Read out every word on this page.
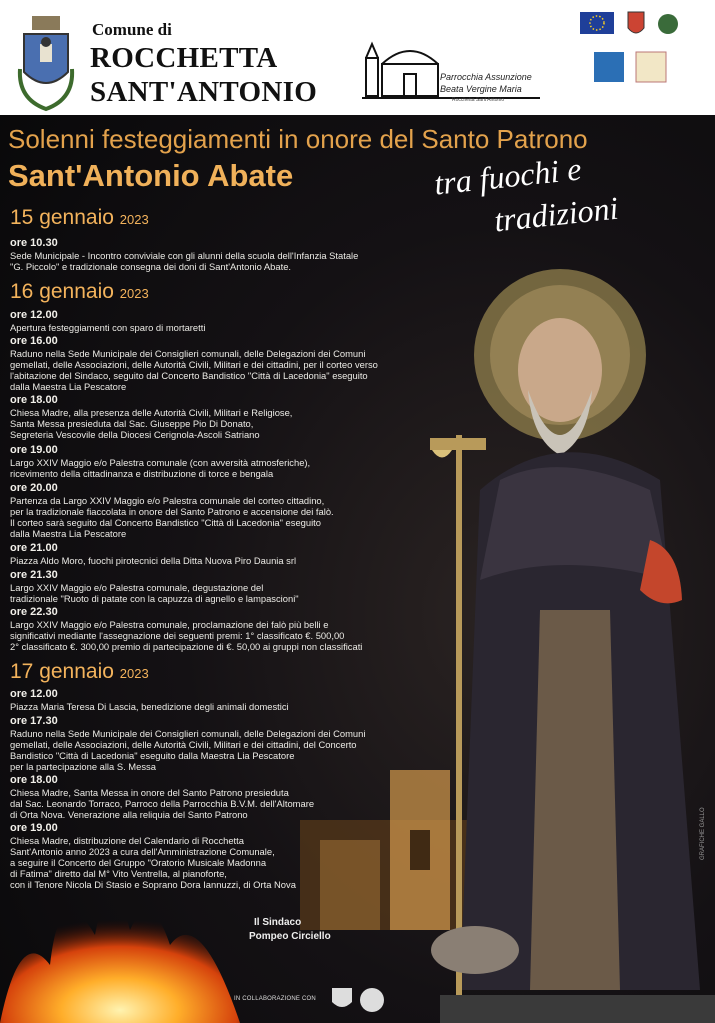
Comune di
ROCCHETTA
SANT'ANTONIO	Parrocchia Assunzione
Beata Vergine Maria
Rocchetta Sant'Antonio
Solenni festeggiamenti in onore del Santo Patrono
Sant'Antonio Abate	tra fuochi e
tradizioni
15 gennaio 2023
ore 10.30
Sede Municipale - Incontro conviviale con gli alunni della scuola dell'Infanzia Statale
"G. Piccolo" e tradizionale consegna dei doni di Sant'Antonio Abate.
16 gennaio 2023
ore 12.00
Apertura festeggiamenti con sparo di mortaretti
ore 16.00
Raduno nella Sede Municipale dei Consiglieri comunali, delle Delegazioni dei Comuni
gemellati, delle Associazioni, delle Autorità Civili, Militari e dei cittadini, per il corteo verso
l'abitazione del Sindaco, seguito dal Concerto Bandistico "Città di Lacedonia" eseguito
dalla Maestra Lia Pescatore
ore 18.00
Chiesa Madre, alla presenza delle Autorità Civili, Militari e Religiose,
Santa Messa presieduta dal Sac. Giuseppe Pio Di Donato,
Segreteria Vescovile della Diocesi Cerignola-Ascoli Satriano
ore 19.00
Largo XXIV Maggio e/o Palestra comunale (con avversità atmosferiche),
ricevimento della cittadinanza e distribuzione di torce e bengala
ore 20.00
Partenza da Largo XXIV Maggio e/o Palestra comunale del corteo cittadino,
per la tradizionale fiaccolata in onore del Santo Patrono e accensione dei falò.
Il corteo sarà seguito dal Concerto Bandistico "Città di Lacedonia" eseguito
dalla Maestra Lia Pescatore
ore 21.00
Piazza Aldo Moro, fuochi pirotecnici della Ditta Nuova Piro Daunia srl
ore 21.30
Largo XXIV Maggio e/o Palestra comunale, degustazione del
tradizionale "Ruoto di patate con la capuzza di agnello e lampascioni"
ore 22.30
Largo XXIV Maggio e/o Palestra comunale, proclamazione dei falò più belli e
significativi mediante l'assegnazione dei seguenti premi: 1° classificato €. 500,00
2° classificato €. 300,00 premio di partecipazione di €. 50,00 ai gruppi non classificati
17 gennaio 2023
ore 12.00
Piazza Maria Teresa Di Lascia, benedizione degli animali domestici
ore 17.30
Raduno nella Sede Municipale dei Consiglieri comunali, delle Delegazioni dei Comuni
gemellati, delle Associazioni, delle Autorità Civili, Militari e dei cittadini, del Concerto
Bandistico "Città di Lacedonia" eseguito dalla Maestra Lia Pescatore
per la partecipazione alla S. Messa
ore 18.00
Chiesa Madre, Santa Messa in onore del Santo Patrono presieduta
dal Sac. Leonardo Torraco, Parroco della Parrocchia B.V.M. dell'Altomare
di Orta Nova. Venerazione alla reliquia del Santo Patrono
ore 19.00
Chiesa Madre, distribuzione del Calendario di Rocchetta
Sant'Antonio anno 2023 a cura dell'Amministrazione Comunale,
a seguire il Concerto del Gruppo "Oratorio Musicale Madonna
di Fatima" diretto dal M° Vito Ventrella, al pianoforte,
con il Tenore Nicola Di Stasio e Soprano Dora Iannuzzi, di Orta Nova
Il Sindaco
Pompeo Circiello
IN COLLABORAZIONE CON
GRAFICHE GALLO
